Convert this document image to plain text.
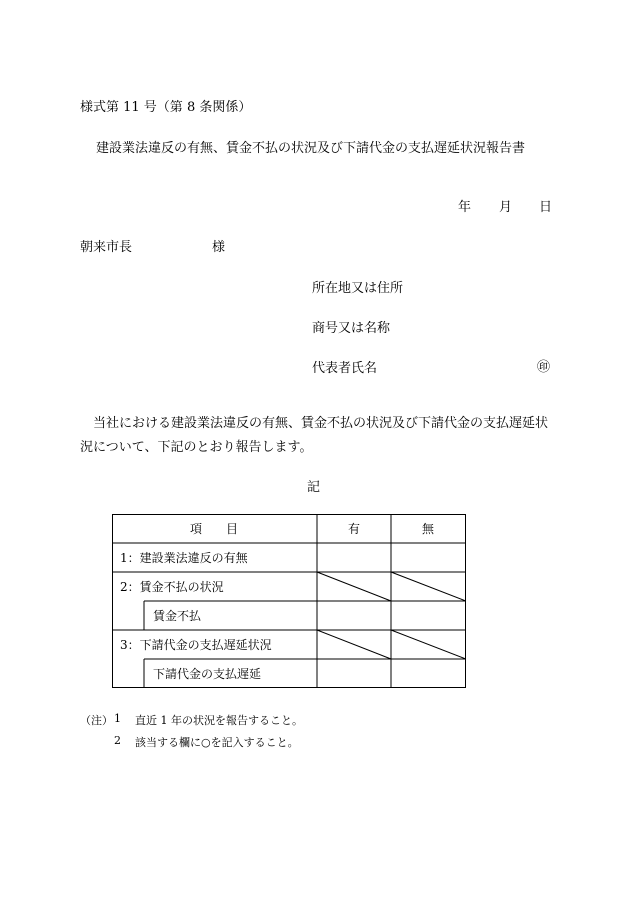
様式第 11 号（第 8 条関係）
建設業法違反の有無、賃金不払の状況及び下請代金の支払遅延状況報告書
年 月 日
朝来市長	様
所在地又は住所
商号又は名称
代表者氏名	㊞
当社における建設業法違反の有無、賃金不払の状況及び下請代金の支払遅延状況について、下記のとおり報告します。
記
項　　目	有	無
1：建設業法違反の有無
2：賃金不払の状況
賃金不払
3：下請代金の支払遅延状況
下請代金の支払遅延
（注） 1 直近 1 年の状況を報告すること。
2 該当する欄に○を記入すること。
